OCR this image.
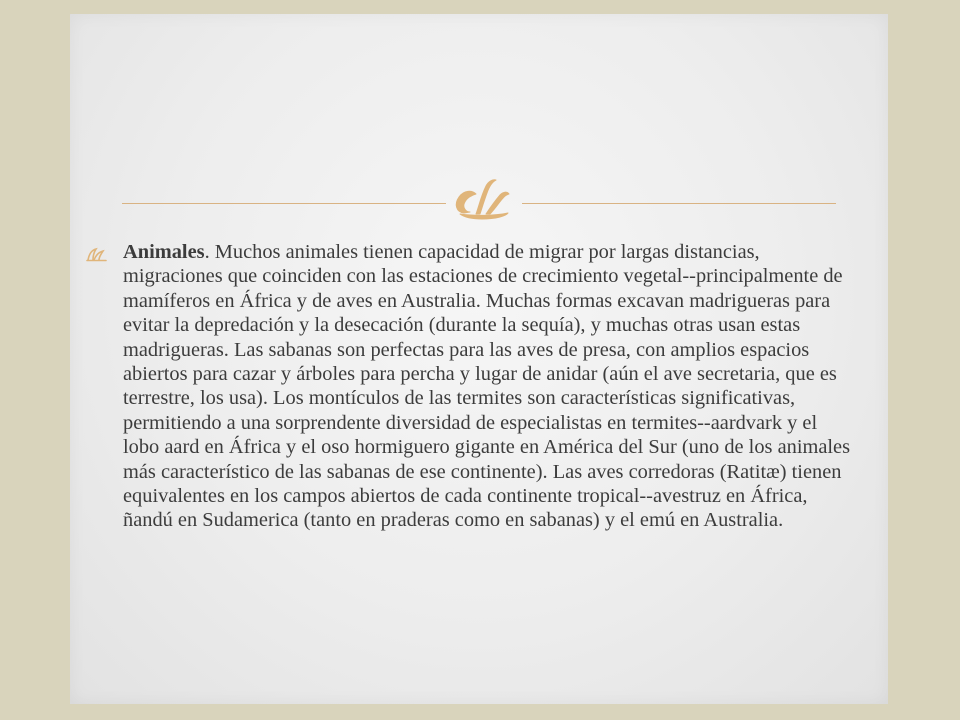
Animales. Muchos animales tienen capacidad de migrar por largas distancias, migraciones que coinciden con las estaciones de crecimiento vegetal--principalmente de mamíferos en África y de aves en Australia. Muchas formas excavan madrigueras para evitar la depredación y la desecación (durante la sequía), y muchas otras usan estas madrigueras. Las sabanas son perfectas para las aves de presa, con amplios espacios abiertos para cazar y árboles para percha y lugar de anidar (aún el ave secretaria, que es terrestre, los usa). Los montículos de las termites son características significativas, permitiendo a una sorprendente diversidad de especialistas en termites--aardvark y el lobo aard en África y el oso hormiguero gigante en América del Sur (uno de los animales más característico de las sabanas de ese continente). Las aves corredoras (Ratitæ) tienen equivalentes en los campos abiertos de cada continente tropical--avestruz en África, ñandú en Sudamerica (tanto en praderas como en sabanas) y el emú en Australia.
